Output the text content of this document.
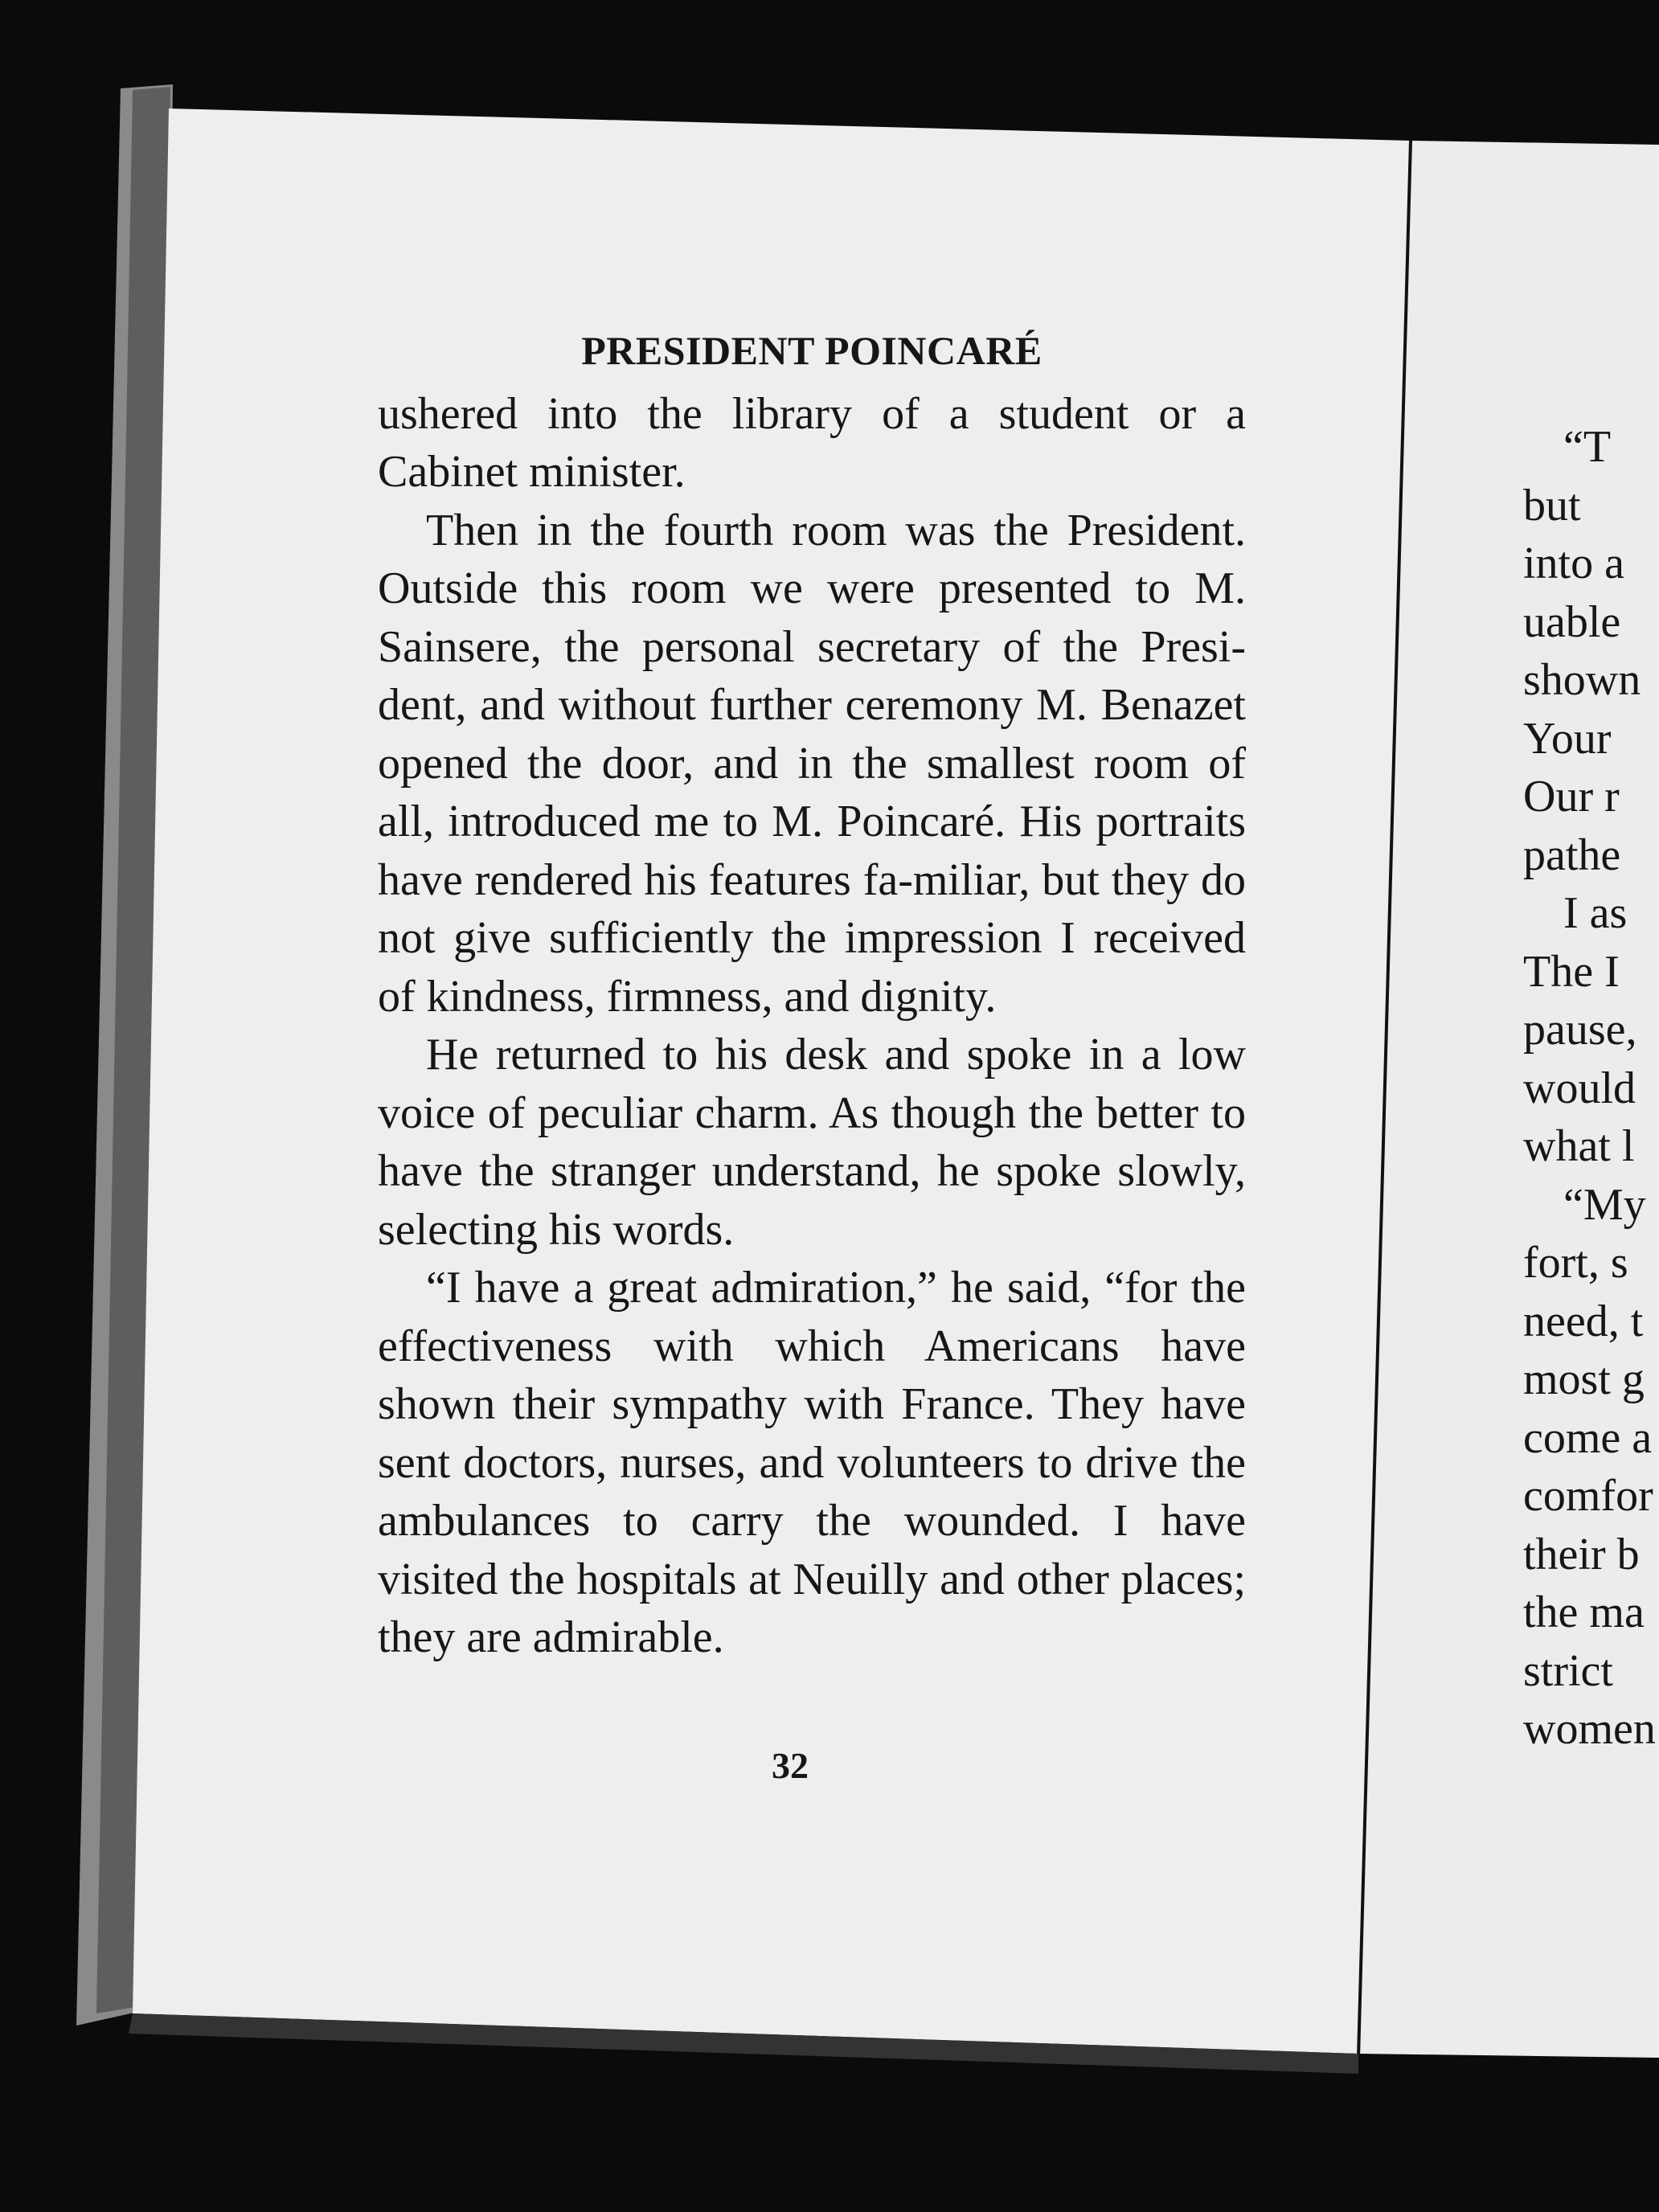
PRESIDENT POINCARÉ

ushered into the library of a student or a Cabinet minister.

Then in the fourth room was the President. Outside this room we were presented to M. Sainsere, the personal secretary of the Presi-dent, and without further ceremony M. Benazet opened the door, and in the smallest room of all, introduced me to M. Poincaré. His portraits have rendered his features fa-miliar, but they do not give sufficiently the impression I received of kindness, firmness, and dignity.

He returned to his desk and spoke in a low voice of peculiar charm. As though the better to have the stranger understand, he spoke slowly, selecting his words.

“I have a great admiration,” he said, “for the effectiveness with which Americans have shown their sympathy with France. They have sent doctors, nurses, and volunteers to drive the ambulances to carry the wounded. I have visited the hospitals at Neuilly and other places; they are admirable.

32
“T
but
into a
uable
shown
Your
Our r
pathe
I as
The I
pause,
would
what l
“My
fort, s
need, t
most g
come a
comfor
their b
the ma
strict
women
